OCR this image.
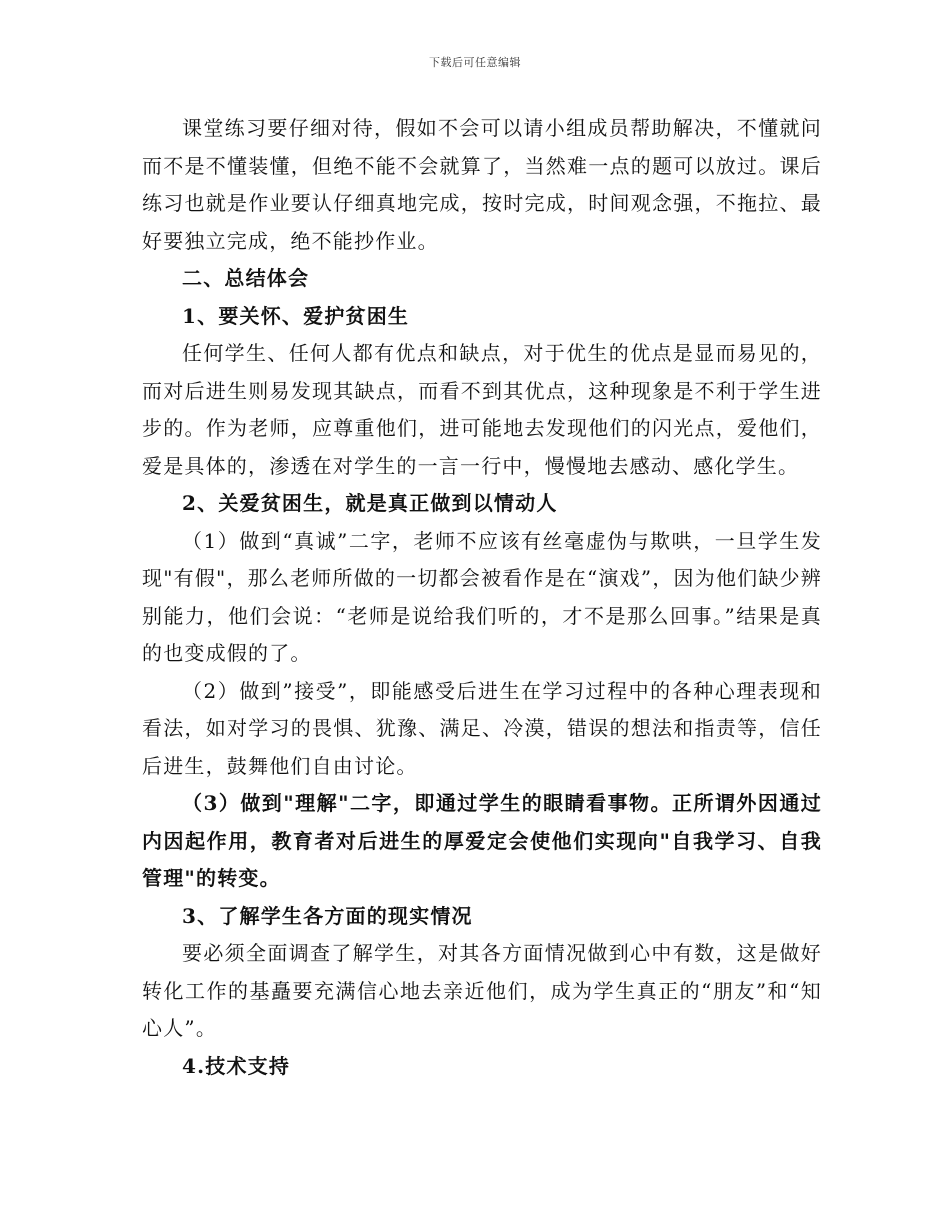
下载后可任意编辑

课堂练习要仔细对待，假如不会可以请小组成员帮助解决，不懂就问而不是不懂装懂，但绝不能不会就算了，当然难一点的题可以放过。课后练习也就是作业要认仔细真地完成，按时完成，时间观念强，不拖拉、最好要独立完成，绝不能抄作业。

二、总结体会

1、要关怀、爱护贫困生

任何学生、任何人都有优点和缺点，对于优生的优点是显而易见的，而对后进生则易发现其缺点，而看不到其优点，这种现象是不利于学生进步的。作为老师，应尊重他们，进可能地去发现他们的闪光点，爱他们，爱是具体的，渗透在对学生的一言一行中，慢慢地去感动、感化学生。

2、关爱贫困生，就是真正做到以情动人

（1）做到“真诚”二字，老师不应该有丝毫虚伪与欺哄，一旦学生发现"有假"，那么老师所做的一切都会被看作是在“演戏”，因为他们缺少辨别能力，他们会说：“老师是说给我们听的，才不是那么回事。”结果是真的也变成假的了。

（2）做到”接受”，即能感受后进生在学习过程中的各种心理表现和看法，如对学习的畏惧、犹豫、满足、冷漠，错误的想法和指责等，信任后进生，鼓舞他们自由讨论。

（3）做到"理解"二字，即通过学生的眼睛看事物。正所谓外因通过内因起作用，教育者对后进生的厚爱定会使他们实现向"自我学习、自我管理"的转变。

3、了解学生各方面的现实情况

要必须全面调查了解学生，对其各方面情况做到心中有数，这是做好转化工作的基矗要充满信心地去亲近他们，成为学生真正的“朋友”和“知心人”。

4.技术支持
